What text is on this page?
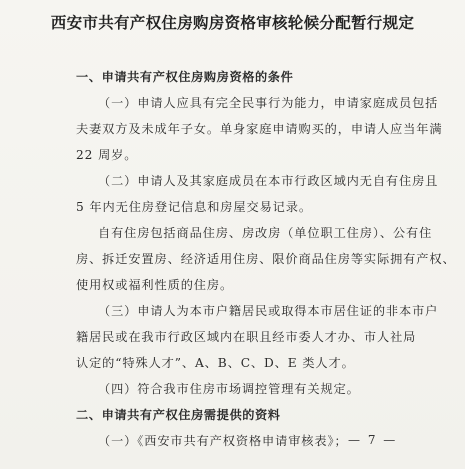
西安市共有产权住房购房资格审核轮候分配暂行规定
一、申请共有产权住房购房资格的条件
（一）申请人应具有完全民事行为能力，申请家庭成员包括
夫妻双方及未成年子女。单身家庭申请购买的，申请人应当年满
22 周岁。
（二）申请人及其家庭成员在本市行政区域内无自有住房且
5 年内无住房登记信息和房屋交易记录。
自有住房包括商品住房、房改房（单位职工住房）、公有住
房、拆迁安置房、经济适用住房、限价商品住房等实际拥有产权、
使用权或福利性质的住房。
（三）申请人为本市户籍居民或取得本市居住证的非本市户
籍居民或在我市行政区域内在职且经市委人才办、市人社局
认定的“特殊人才”、A、B、C、D、E 类人才。
（四）符合我市住房市场调控管理有关规定。
二、申请共有产权住房需提供的资料
（一）《西安市共有产权资格申请审核表》； — 7 —
